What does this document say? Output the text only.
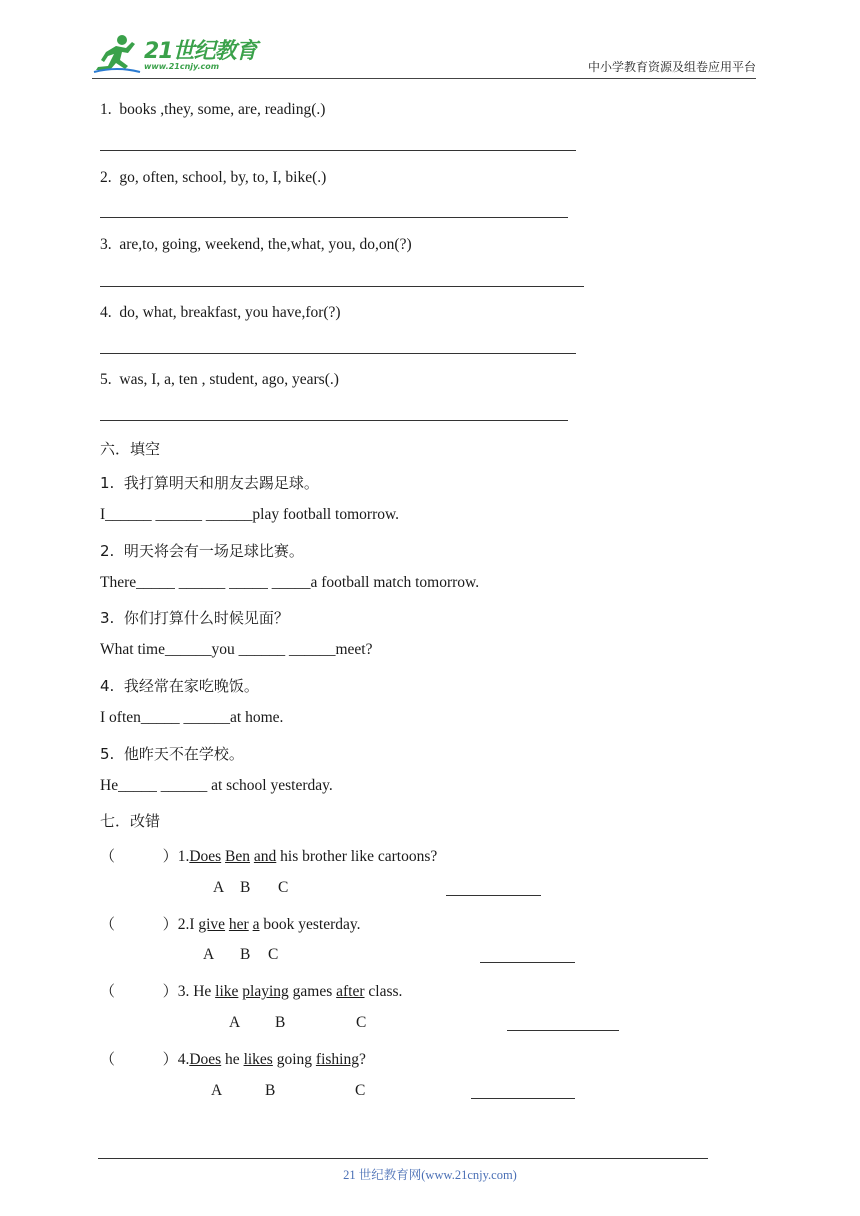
21世纪教育
www.21cnjy.com	中小学教育资源及组卷应用平台
1.  books ,they, some, are, reading(.)
2.  go, often, school, by, to, I, bike(.)
3.  are,to, going, weekend, the,what, you, do,on(?)
4.  do, what, breakfast, you have,for(?)
5.  was, I, a, ten , student, ago, years(.)
六．填空
1.  我打算明天和朋友去踢足球。
I______ ______ ______play football tomorrow.
2.  明天将会有一场足球比赛。
There_____ ______ _____ _____a football match tomorrow.
3.  你们打算什么时候见面？
What time______you ______ ______meet?
4.  我经常在家吃晚饭。
I often_____ ______at home.
5.  他昨天不在学校。
He_____ ______ at school yesterday.
七．改错
（          ）1.Does Ben and his brother like cartoons?
A B C
（          ）2.I give her a book yesterday.
A B C
（          ）3. He like playing games after class.
A B	C
（          ）4.Does he likes going fishing?
A	B	C
21 世纪教育网(www.21cnjy.com)
